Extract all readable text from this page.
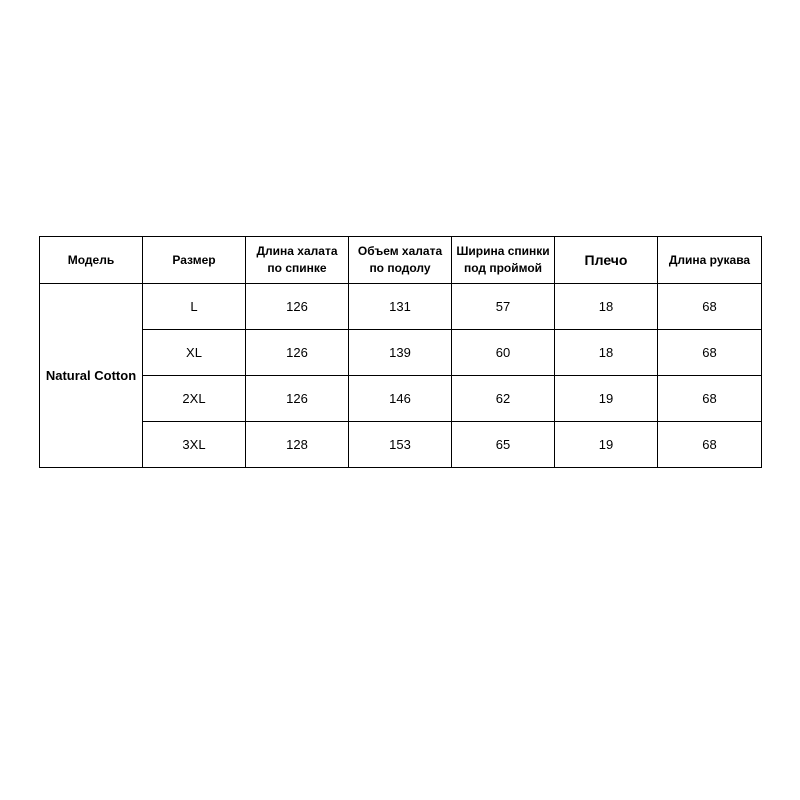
Модель	Размер	Длина халата по спинке	Объем халата по подолу	Ширина спинки под проймой	Плечо	Длина рукава
Natural Cotton	L	126	131	57	18	68
	XL	126	139	60	18	68
	2XL	126	146	62	19	68
	3XL	128	153	65	19	68
